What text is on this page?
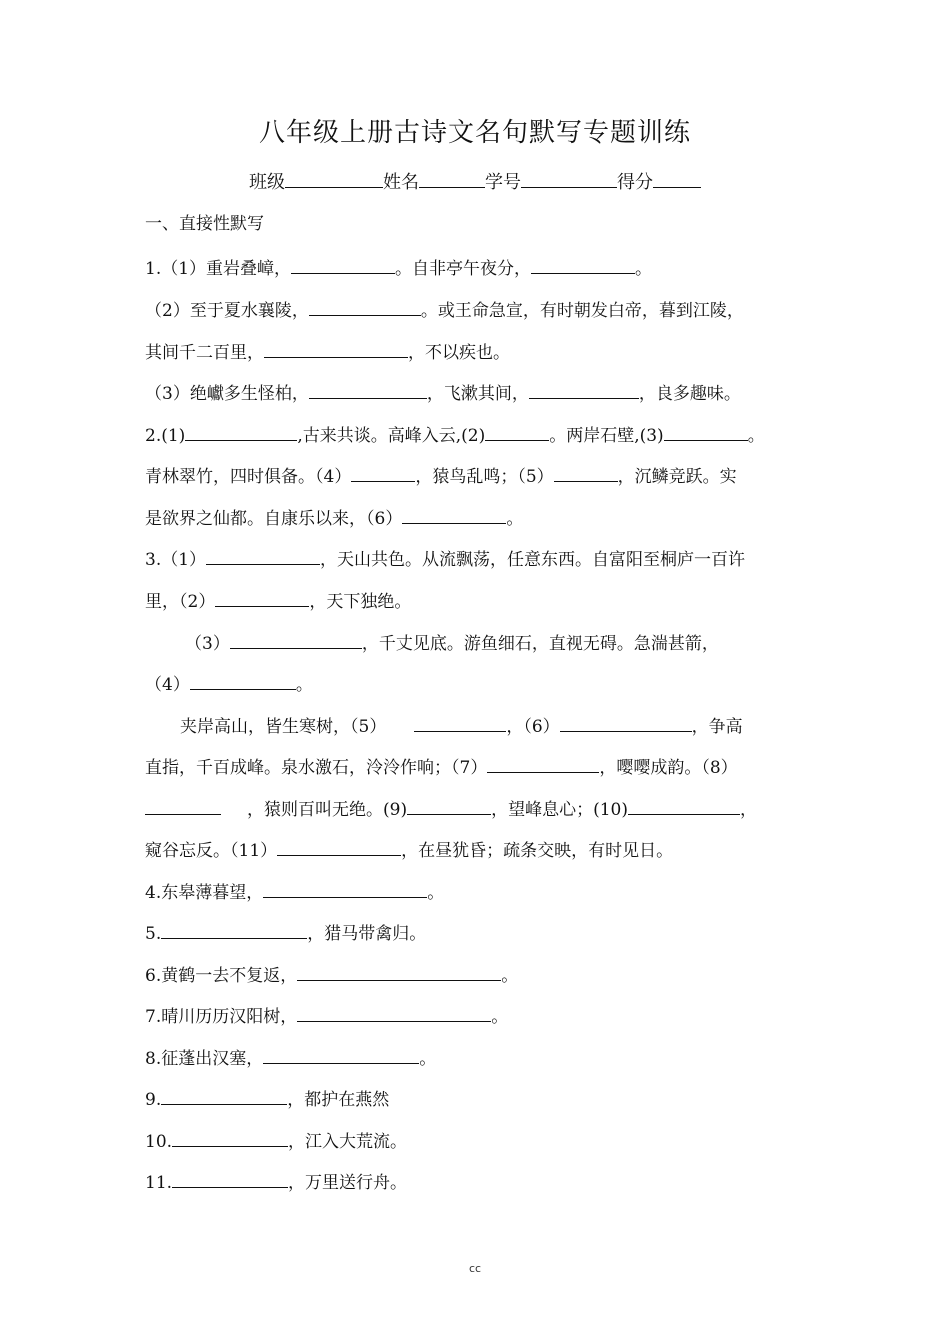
八年级上册古诗文名句默写专题训练
班级	姓名	学号	得分
一、直接性默写
1.（1）重岩叠嶂，	。自非亭午夜分，	。
（2）至于夏水襄陵，	。或王命急宣，有时朝发白帝，暮到江陵，
其间千二百里，	，不以疾也。
（3）绝巘多生怪柏，	，飞漱其间，	，良多趣味。
2.(1)	,古来共谈。高峰入云,(2)	。两岸石壁,(3)	。
青林翠竹，四时俱备。（4）	，猿鸟乱鸣；（5）	，沉鳞竞跃。实
是欲界之仙都。自康乐以来，（6）	。
3.（1）	，天山共色。从流飘荡，任意东西。自富阳至桐庐一百许
里，（2）	，天下独绝。
（3）	，千丈见底。游鱼细石，直视无碍。急湍甚箭，
（4）	。
夹岸高山，皆生寒树，（5）	，（6）	，争高
直指，千百成峰。泉水激石，泠泠作响；（7）	，嘤嘤成韵。（8）
，猿则百叫无绝。(9)	，望峰息心；(10)	，
窥谷忘反。（11）	，在昼犹昏；疏条交映，有时见日。
4.东皋薄暮望，	。
5.	，猎马带禽归。
6.黄鹤一去不复返，	。
7.晴川历历汉阳树，	。
8.征蓬出汉塞，	。
9.	，都护在燕然
10.	，江入大荒流。
11.	，万里送行舟。
cc
